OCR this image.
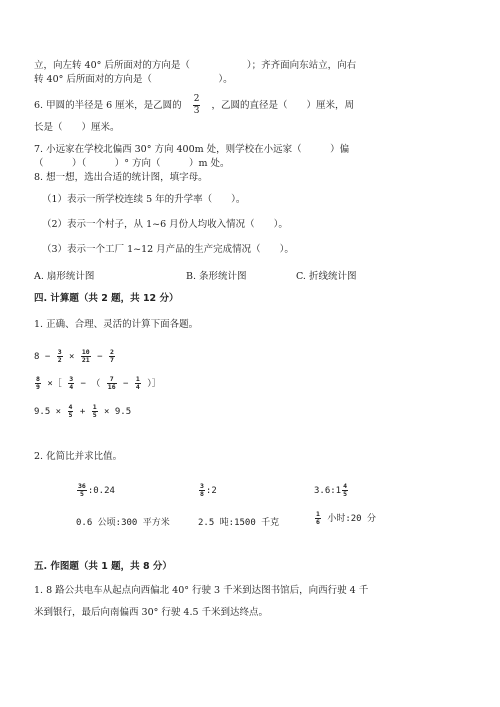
立，向左转 40° 后所面对的方向是（　　　　　　）；齐齐面向东站立，向右
转 40° 后所面对的方向是（　　　　　　　）。
6. 甲圆的半径是 6 厘米，是乙圆的 $\frac{2}{3}$ ，乙圆的直径是（　　）厘米，周
长是（　　）厘米。
7. 小远家在学校北偏西 30° 方向 400m 处，则学校在小远家（　　　）偏
（　　　）（　　　）° 方向（　　　）m 处。
8. 想一想，选出合适的统计图，填字母。
（1）表示一所学校连续 5 年的升学率（　　）。
（2）表示一个村子，从 1~6 月份人均收入情况（　　）。
（3）表示一个工厂 1~12 月产品的生产完成情况（　　）。
A. 扇形统计图	B. 条形统计图	C. 折线统计图
四. 计算题（共 2 题，共 12 分）
1. 正确、合理、灵活的计算下面各题。
$8 - \frac{3}{2} \times \frac{10}{21} - \frac{2}{7}$
$\frac{8}{9}$ ×［ $\frac{3}{4}$ − （ $\frac{7}{16} - \frac{1}{4}$ ）］
$9.5 \times \frac{4}{5} + \frac{1}{5} \times 9.5$
2. 化简比并求比值。
$\frac{36}{5}$ :0.24	$\frac{3}{8}$ :2	3.6:1 $\frac{4}{5}$
0.6 公顷:300 平方米	2.5 吨:1500 千克	$\frac{1}{6}$ 小时:20 分
五. 作图题（共 1 题，共 8 分）
1. 8 路公共电车从起点向西偏北 40° 行驶 3 千米到达图书馆后，向西行驶 4 千
米到银行，最后向南偏西 30° 行驶 4.5 千米到达终点。
